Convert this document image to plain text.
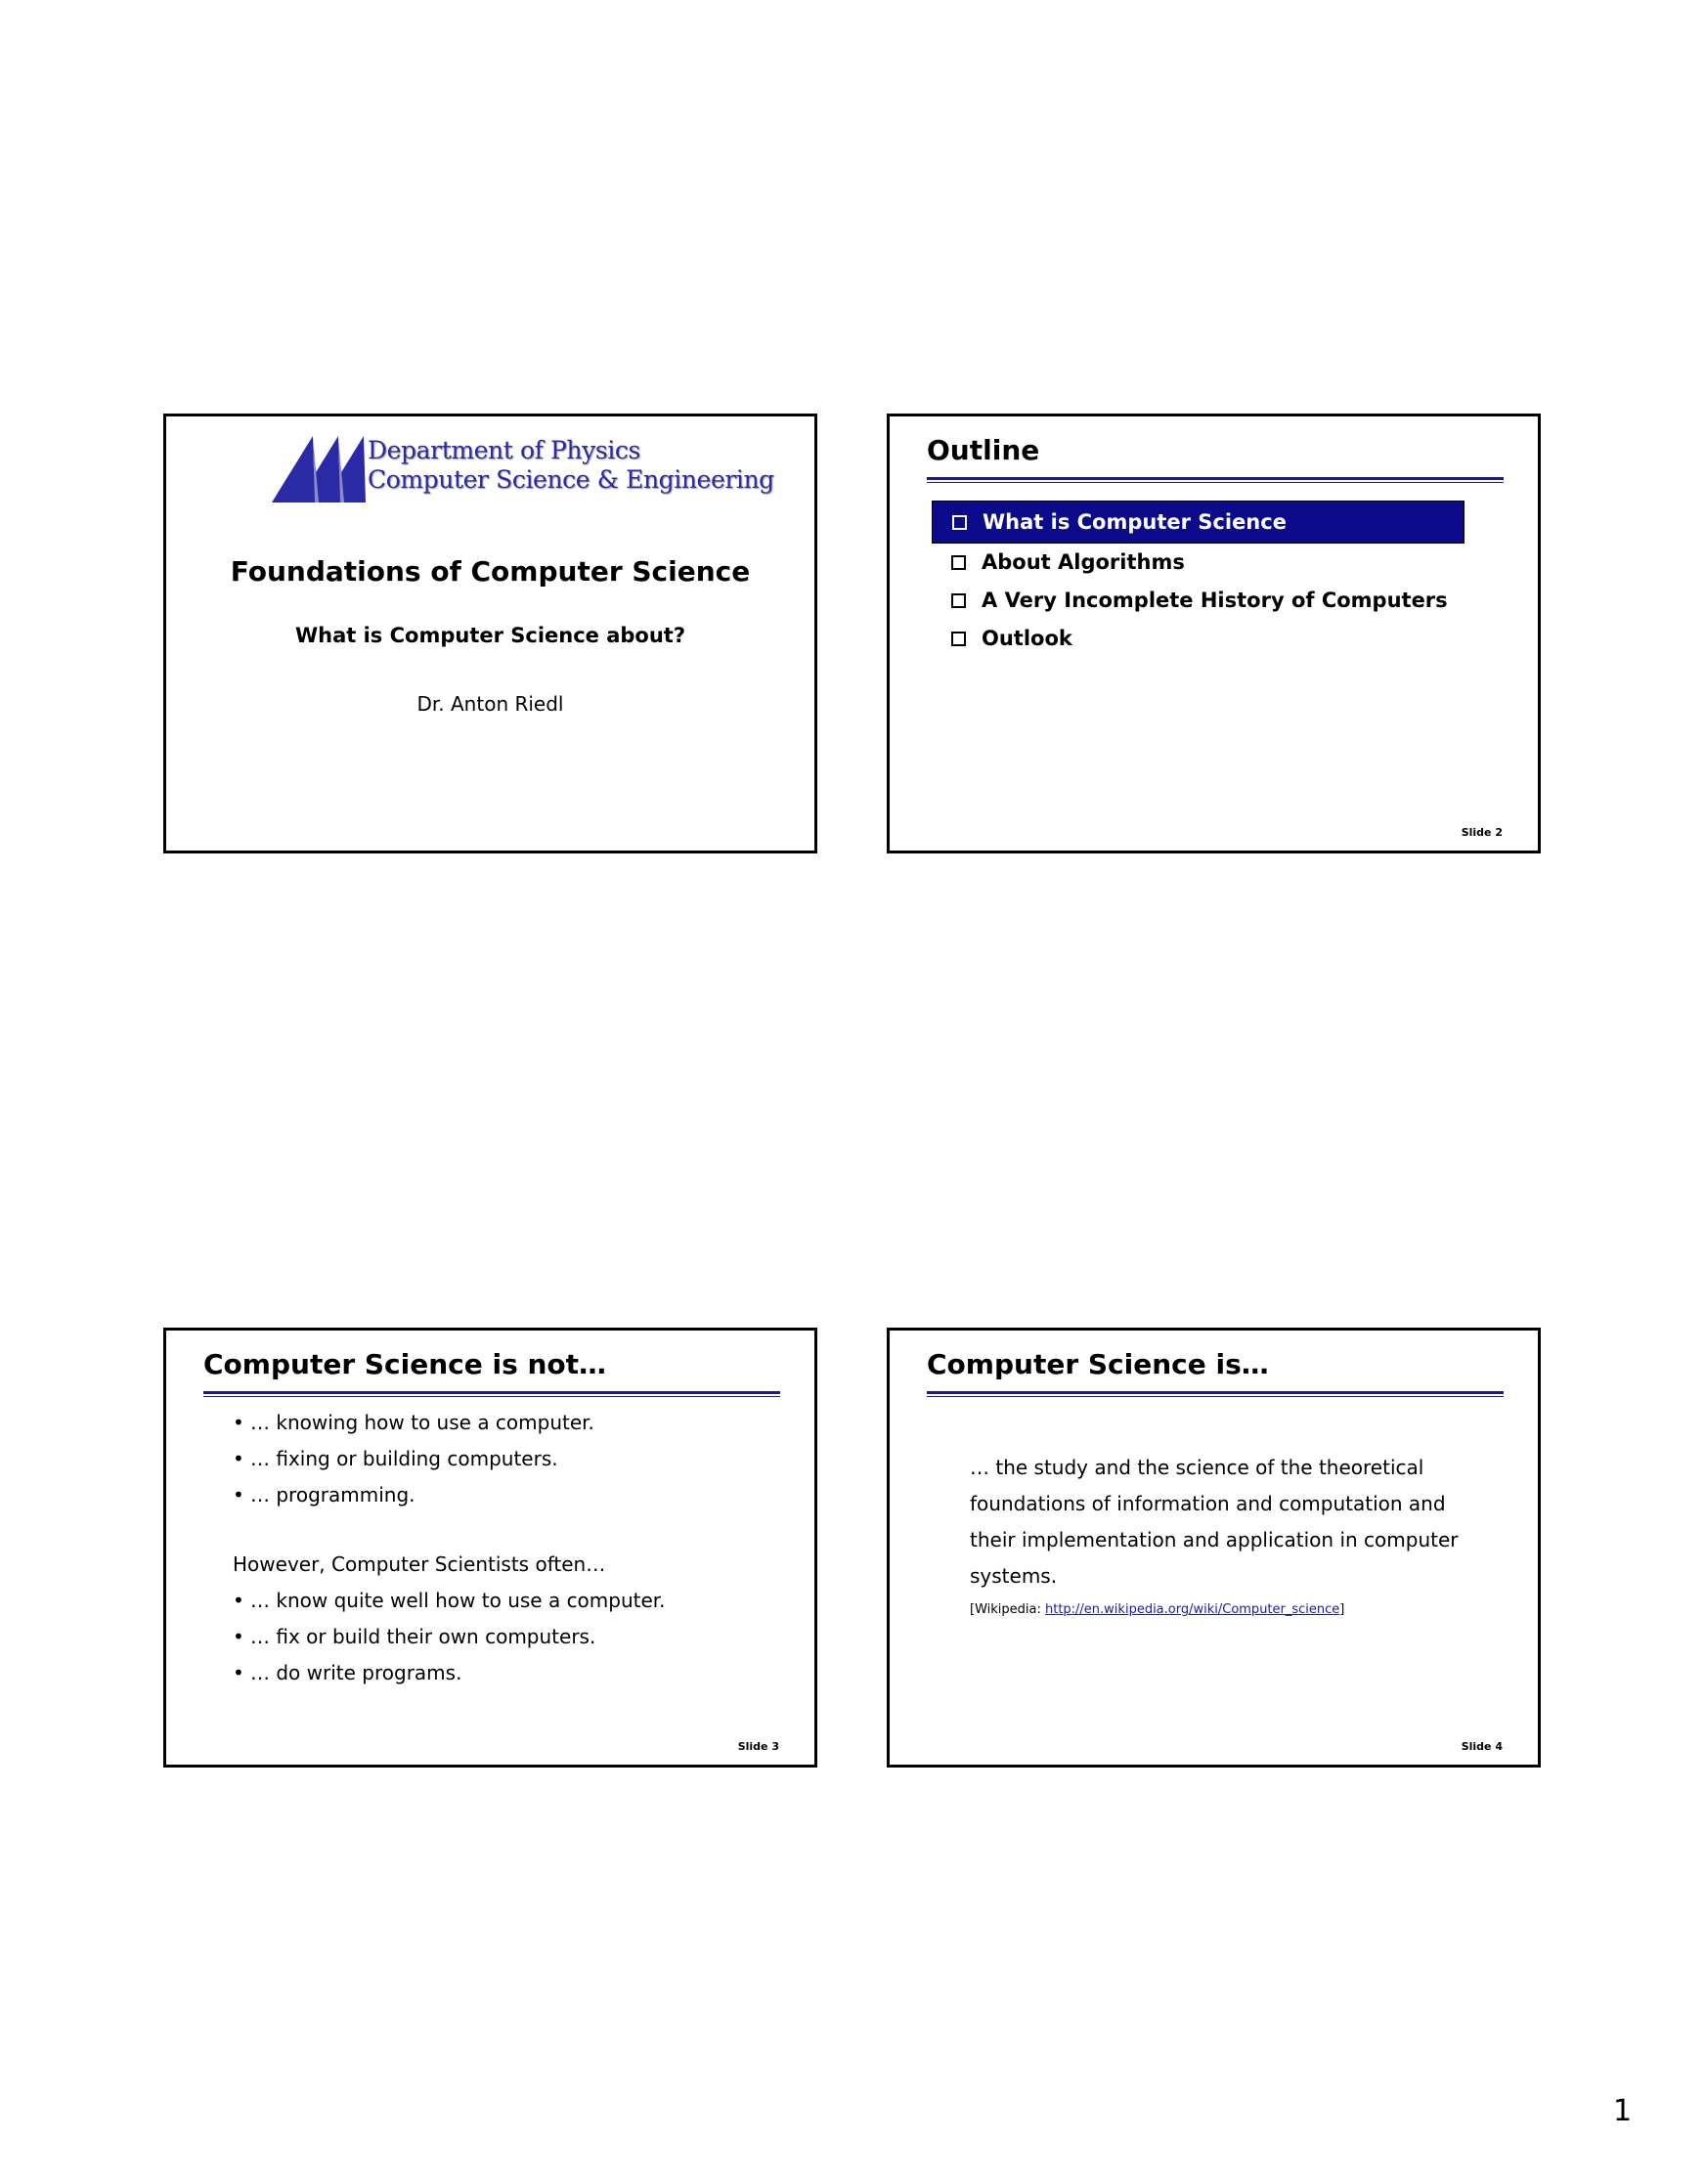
Department of Physics
Computer Science & Engineering
Foundations of Computer Science
What is Computer Science about?
Dr. Anton Riedl
Outline
What is Computer Science
About Algorithms
A Very Incomplete History of Computers
Outlook
Slide 2
Computer Science is not…
• … knowing how to use a computer.
• … fixing or building computers.
• … programming.
However, Computer Scientists often…
• … know quite well how to use a computer.
• … fix or build their own computers.
• … do write programs.
Slide 3
Computer Science is…
… the study and the science of the theoretical foundations of information and computation and their implementation and application in computer systems.
[Wikipedia: http://en.wikipedia.org/wiki/Computer_science]
Slide 4
1
